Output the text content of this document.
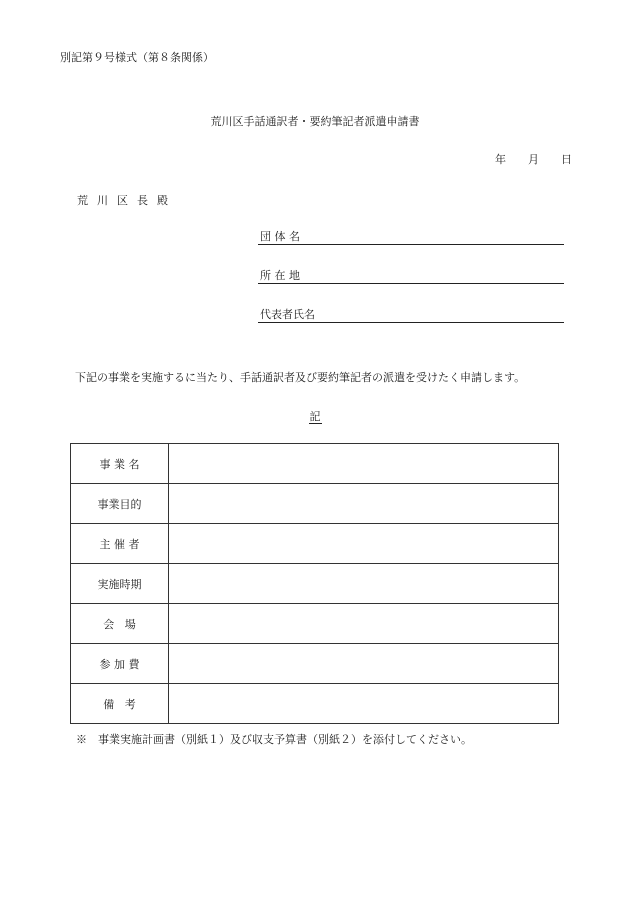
別記第９号様式（第８条関係）
荒川区手話通訳者・要約筆記者派遣申請書
年 月 日
荒川区長殿
団 体 名
所 在 地
代表者氏名
下記の事業を実施するに当たり、手話通訳者及び要約筆記者の派遣を受けたく申請します。
記
事 業 名	
事業目的	
主 催 者	
実施時期	
会   場	
参 加 費	
備   考	
※　事業実施計画書（別紙１）及び収支予算書（別紙２）を添付してください。
